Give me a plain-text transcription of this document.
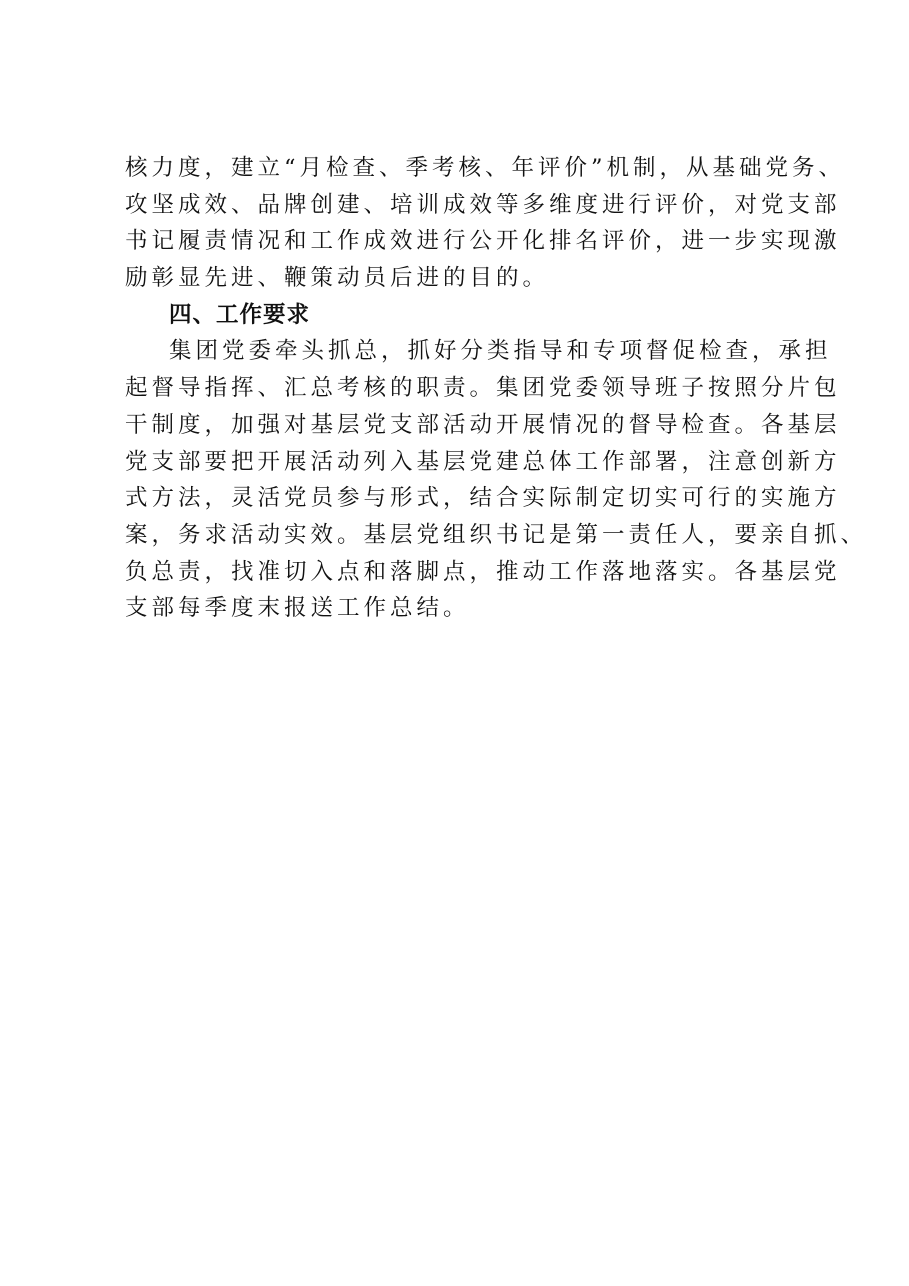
核力度，建立“月检查、季考核、年评价”机制，从基础党务、
攻坚成效、品牌创建、培训成效等多维度进行评价，对党支部
书记履责情况和工作成效进行公开化排名评价，进一步实现激
励彰显先进、鞭策动员后进的目的。
四、工作要求
集团党委牵头抓总，抓好分类指导和专项督促检查，承担
起督导指挥、汇总考核的职责。集团党委领导班子按照分片包
干制度，加强对基层党支部活动开展情况的督导检查。各基层
党支部要把开展活动列入基层党建总体工作部署，注意创新方
式方法，灵活党员参与形式，结合实际制定切实可行的实施方
案，务求活动实效。基层党组织书记是第一责任人，要亲自抓、
负总责，找准切入点和落脚点，推动工作落地落实。各基层党
支部每季度末报送工作总结。
